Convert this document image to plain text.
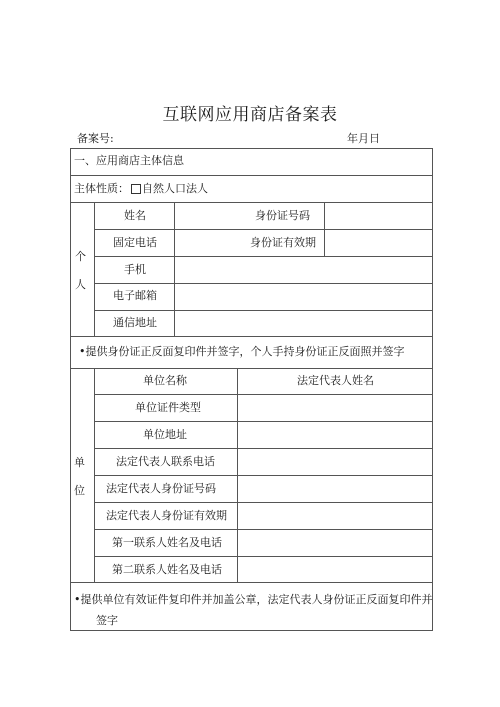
互联网应用商店备案表
备案号:	年月日
一、应用商店主体信息
主体性质： 自然人口法人
个
人
姓名	身份证号码
固定电话	身份证有效期
手机
电子邮箱
通信地址
•提供身份证正反面复印件并签字，个人手持身份证正反面照并签字
单
位
单位名称	法定代表人姓名
单位证件类型
单位地址
法定代表人联系电话
法定代表人身份证号码
法定代表人身份证有效期
第一联系人姓名及电话
第二联系人姓名及电话
•提供单位有效证件复印件并加盖公章，法定代表人身份证正反面复印件并
签字
